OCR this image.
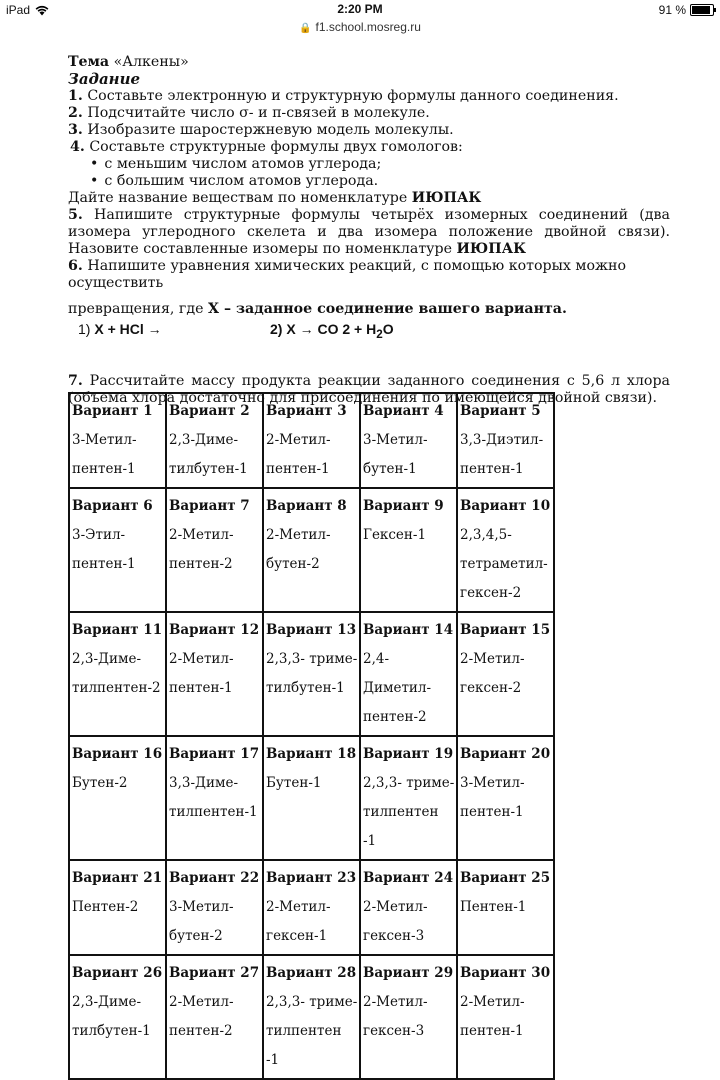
iPad	2:20 PM	91 %
🔒 f1.school.mosreg.ru

Тема «Алкены»

Задание

1. Составьте электронную и структурную формулы данного соединения.

2. Подсчитайте число σ- и π-связей в молекуле.

3. Изобразите шаростержневую модель молекулы.

4. Составьте структурные формулы двух гомологов:

• с меньшим числом атомов углерода;

• с большим числом атомов углерода.

Дайте название веществам по номенклатуре ИЮПАК

5. Напишите структурные формулы четырёх изомерных соединений (два изомера углеродного скелета и два изомера положение двойной связи). Назовите составленные изомеры по номенклатуре ИЮПАК

6. Напишите уравнения химических реакций, с помощью которых можно осуществить

превращения, где Х – заданное соединение вашего варианта.

1) X + HCl →	2) X → CO $2 + H_2O$

7. Рассчитайте массу продукта реакции заданного соединения с 5,6 л хлора (объема хлора достаточно для присоединения по имеющейся двойной связи).

Вариант 1
3-Метил-
пентен-1	Вариант 2
2,3-Диме-
тилбутен-1	Вариант 3
2-Метил-
пентен-1	Вариант 4
3-Метил-
бутен-1	Вариант 5
3,3-Диэтил-
пентен-1

Вариант 6
3-Этил-
пентен-1	Вариант 7
2-Метил-
пентен-2	Вариант 8
2-Метил-
бутен-2	Вариант 9
Гексен-1	Вариант 10
2,3,4,5-
тетраметил-
гексен-2

Вариант 11
2,3-Диме-
тилпентен-2	Вариант 12
2-Метил-
пентен-1	Вариант 13
2,3,3- триме-
тилбутен-1	Вариант 14
2,4-Диметил-
пентен-2	Вариант 15
2-Метил-
гексен-2

Вариант 16
Бутен-2	Вариант 17
3,3-Диме-
тилпентен-1	Вариант 18
Бутен-1	Вариант 19
2,3,3- триме-
тилпентен -1	Вариант 20
3-Метил-
пентен-1

Вариант 21
Пентен-2	Вариант 22
3-Метил-
бутен-2	Вариант 23
2-Метил-
гексен-1	Вариант 24
2-Метил-
гексен-3	Вариант 25
Пентен-1

Вариант 26
2,3-Диме-
тилбутен-1	Вариант 27
2-Метил-
пентен-2	Вариант 28
2,3,3- триме-
тилпентен -1	Вариант 29
2-Метил-
гексен-3	Вариант 30
2-Метил-
пентен-1
